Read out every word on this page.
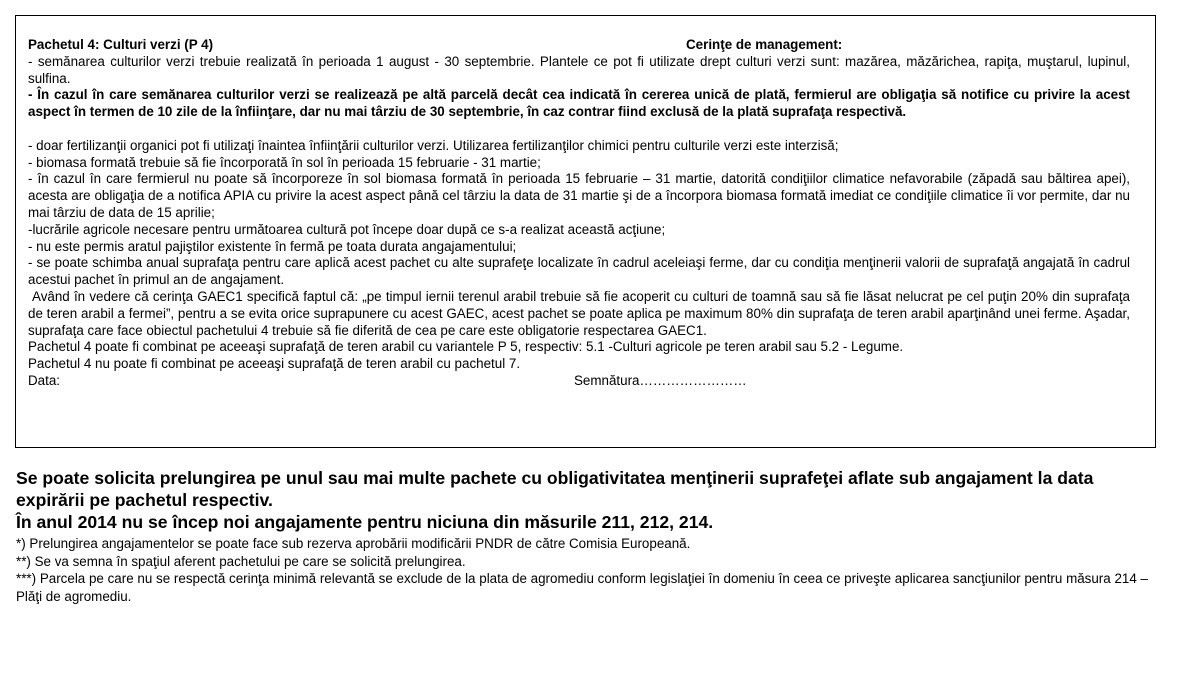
Pachetul 4: Culturi verzi (P 4)	Cerinţe de management:

- semănarea culturilor verzi trebuie realizată în perioada 1 august - 30 septembrie. Plantele ce pot fi utilizate drept culturi verzi sunt: mazărea, măzărichea, rapiţa, muştarul, lupinul, sulfina.

- În cazul în care semănarea culturilor verzi se realizează pe altă parcelă decât cea indicată în cererea unică de plată, fermierul are obligaţia să notifice cu privire la acest aspect în termen de 10 zile de la înfiinţare, dar nu mai târziu de 30 septembrie, în caz contrar fiind exclusă de la plată suprafaţa respectivă.

- doar fertilizanţii organici pot fi utilizaţi înaintea înfiinţării culturilor verzi. Utilizarea fertilizanţilor chimici pentru culturile verzi este interzisă;

- biomasa formată trebuie să fie încorporată în sol în perioada 15 februarie - 31 martie;

- în cazul în care fermierul nu poate să încorporeze în sol biomasa formată în perioada 15 februarie – 31 martie, datorită condiţiilor climatice nefavorabile (zăpadă sau băltirea apei), acesta are obligaţia de a notifica APIA cu privire la acest aspect până cel târziu la data de 31 martie şi de a încorpora biomasa formată imediat ce condiţiile climatice îi vor permite, dar nu mai târziu de data de 15 aprilie;

-lucrările agricole necesare pentru următoarea cultură pot începe doar după ce s-a realizat această acţiune;

- nu este permis aratul pajiştilor existente în fermă pe toata durata angajamentului;

- se poate schimba anual suprafaţa pentru care aplică acest pachet cu alte suprafeţe localizate în cadrul aceleiaşi ferme, dar cu condiţia menţinerii valorii de suprafaţă angajată în cadrul acestui pachet în primul an de angajament.

Având în vedere că cerinţa GAEC1 specifică faptul că: „pe timpul iernii terenul arabil trebuie să fie acoperit cu culturi de toamnă sau să fie lăsat nelucrat pe cel puţin 20% din suprafaţa de teren arabil a fermei”, pentru a se evita orice suprapunere cu acest GAEC, acest pachet se poate aplica pe maximum 80% din suprafaţa de teren arabil aparţinând unei ferme. Aşadar, suprafaţa care face obiectul pachetului 4 trebuie să fie diferită de cea pe care este obligatorie respectarea GAEC1.

Pachetul 4 poate fi combinat pe aceeaşi suprafaţă de teren arabil cu variantele P 5, respectiv: 5.1 -Culturi agricole pe teren arabil sau 5.2 - Legume.

Pachetul 4 nu poate fi combinat pe aceeaşi suprafaţă de teren arabil cu pachetul 7.

Data:	Semnătura……………………

Se poate solicita prelungirea pe unul sau mai multe pachete cu obligativitatea menţinerii suprafeţei aflate sub angajament la data expirării pe pachetul respectiv.

În anul 2014 nu se încep noi angajamente pentru niciuna din măsurile 211, 212, 214.

*) Prelungirea angajamentelor se poate face sub rezerva aprobării modificării PNDR de către Comisia Europeană.

**) Se va semna în spaţiul aferent pachetului pe care se solicită prelungirea.

***) Parcela pe care nu se respectă cerinţa minimă relevantă se exclude de la plata de agromediu conform legislaţiei în domeniu în ceea ce priveşte aplicarea sancţiunilor pentru măsura 214 – Plăţi de agromediu.
